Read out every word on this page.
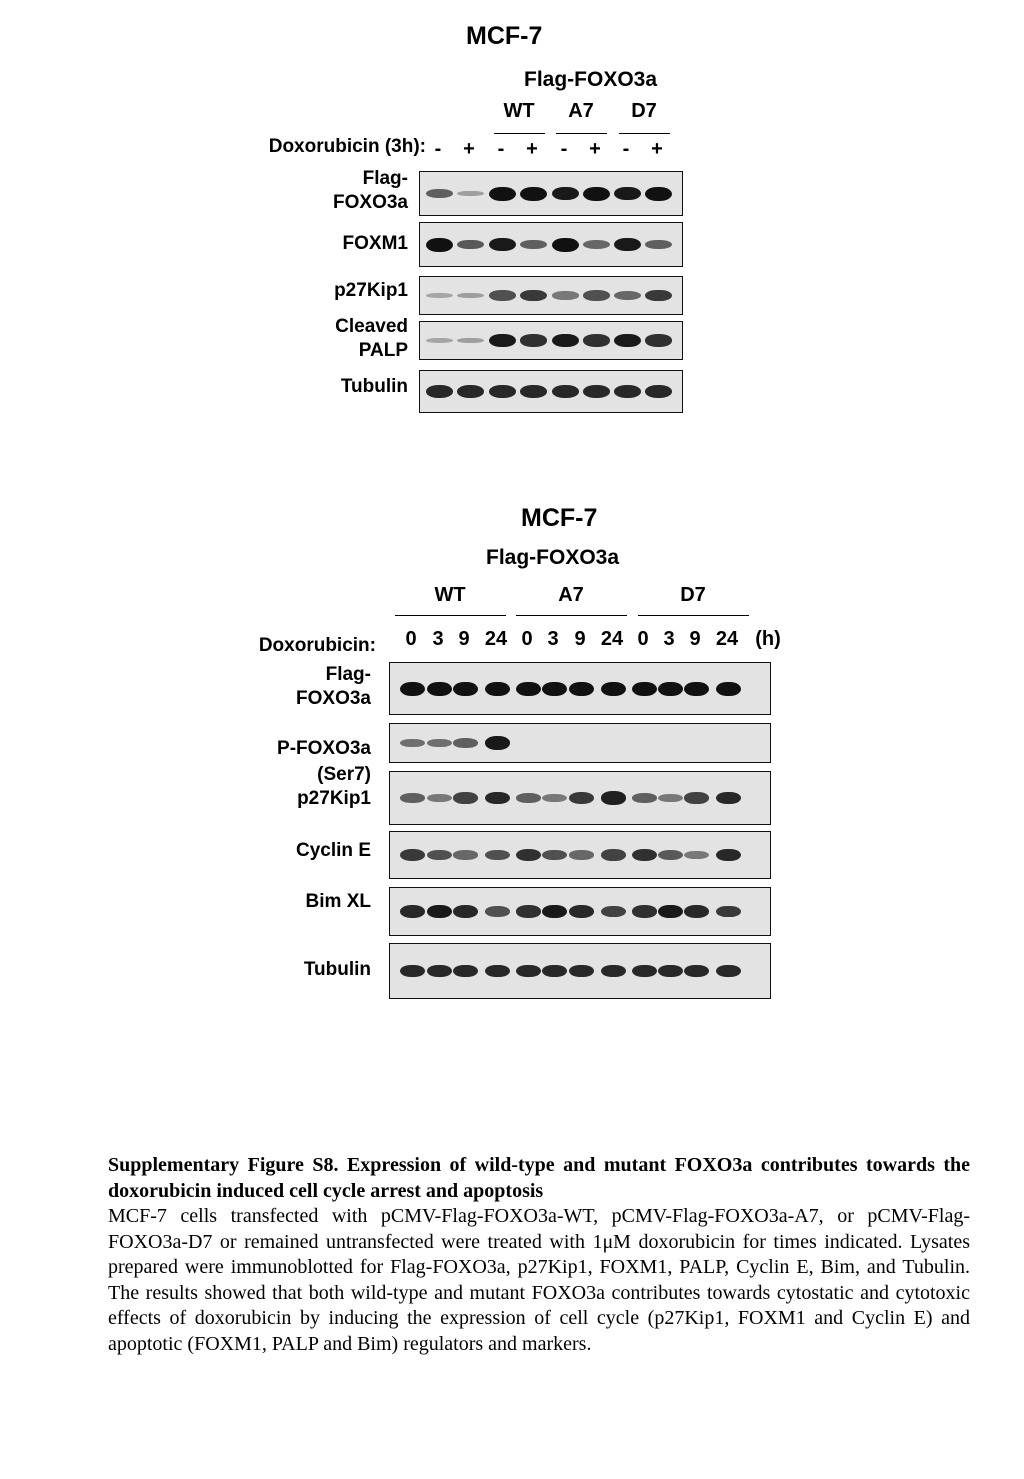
MCF-7
Flag-FOXO3a
WT	A7	D7
Doxorubicin (3h): -	+	-	+	-	+	-	+
Flag-
FOXO3a
FOXM1
p27Kip1
Cleaved
PALP
Tubulin
MCF-7
Flag-FOXO3a
WT	A7	D7
Doxorubicin:	0 3 9 24 0 3 9 24 0 3 9 24 (h)
Flag-
FOXO3a
P-FOXO3a
(Ser7)
p27Kip1
Cyclin E
Bim XL
Tubulin

Supplementary Figure S8. Expression of wild-type and mutant FOXO3a contributes towards the doxorubicin induced cell cycle arrest and apoptosis

MCF-7 cells transfected with pCMV-Flag-FOXO3a-WT, pCMV-Flag-FOXO3a-A7, or pCMV-Flag-FOXO3a-D7 or remained untransfected were treated with 1μM doxorubicin for times indicated. Lysates prepared were immunoblotted for Flag-FOXO3a, p27Kip1, FOXM1, PALP, Cyclin E, Bim, and Tubulin. The results showed that both wild-type and mutant FOXO3a contributes towards cytostatic and cytotoxic effects of doxorubicin by inducing the expression of cell cycle (p27Kip1, FOXM1 and Cyclin E) and apoptotic (FOXM1, PALP and Bim) regulators and markers.
